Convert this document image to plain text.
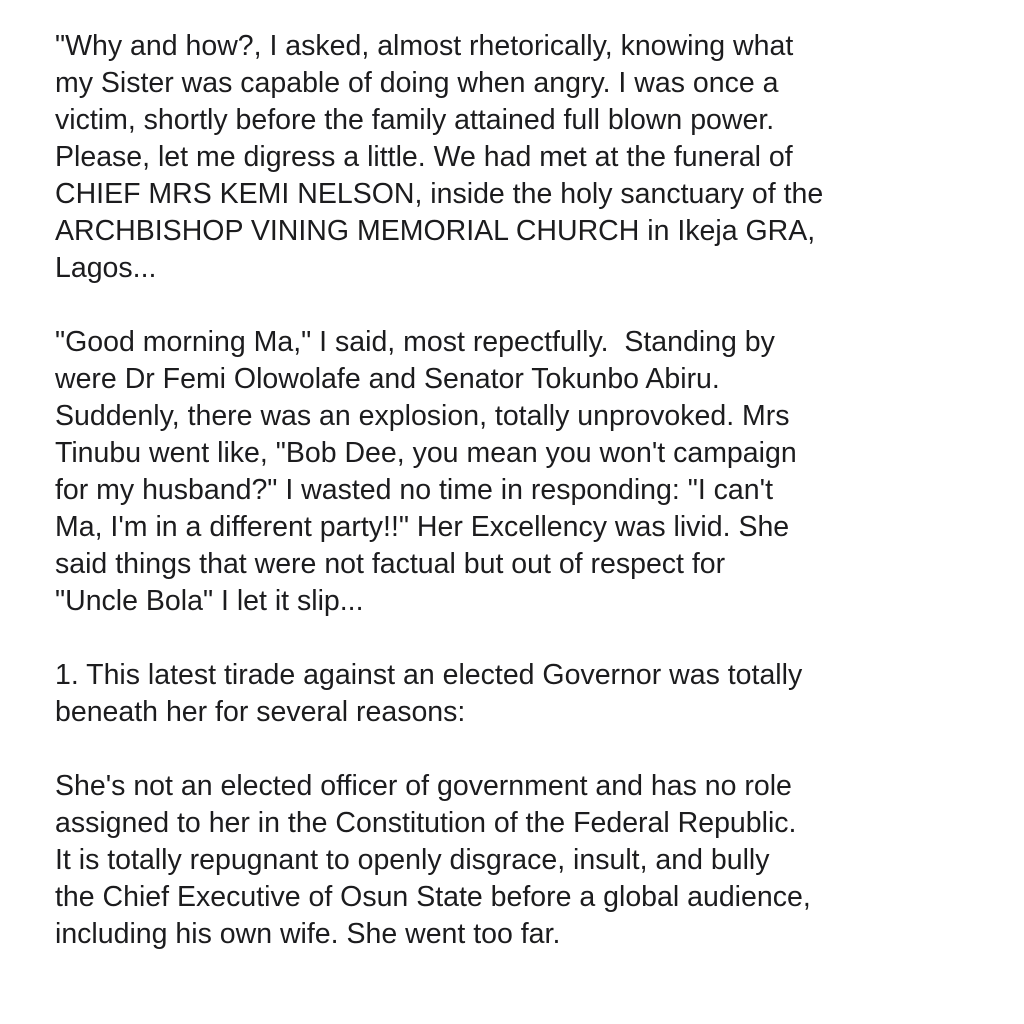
"Why and how?, I asked, almost rhetorically, knowing what
my Sister was capable of doing when angry. I was once a
victim, shortly before the family attained full blown power.
Please, let me digress a little. We had met at the funeral of
CHIEF MRS KEMI NELSON, inside the holy sanctuary of the
ARCHBISHOP VINING MEMORIAL CHURCH in Ikeja GRA,
Lagos...
"Good morning Ma," I said, most repectfully.  Standing by
were Dr Femi Olowolafe and Senator Tokunbo Abiru.
Suddenly, there was an explosion, totally unprovoked. Mrs
Tinubu went like, "Bob Dee, you mean you won't campaign
for my husband?" I wasted no time in responding: "I can't
Ma, I'm in a different party!!" Her Excellency was livid. She
said things that were not factual but out of respect for
"Uncle Bola" I let it slip...
1. This latest tirade against an elected Governor was totally
beneath her for several reasons:
She's not an elected officer of government and has no role
assigned to her in the Constitution of the Federal Republic.
It is totally repugnant to openly disgrace, insult, and bully
the Chief Executive of Osun State before a global audience,
including his own wife. She went too far.
